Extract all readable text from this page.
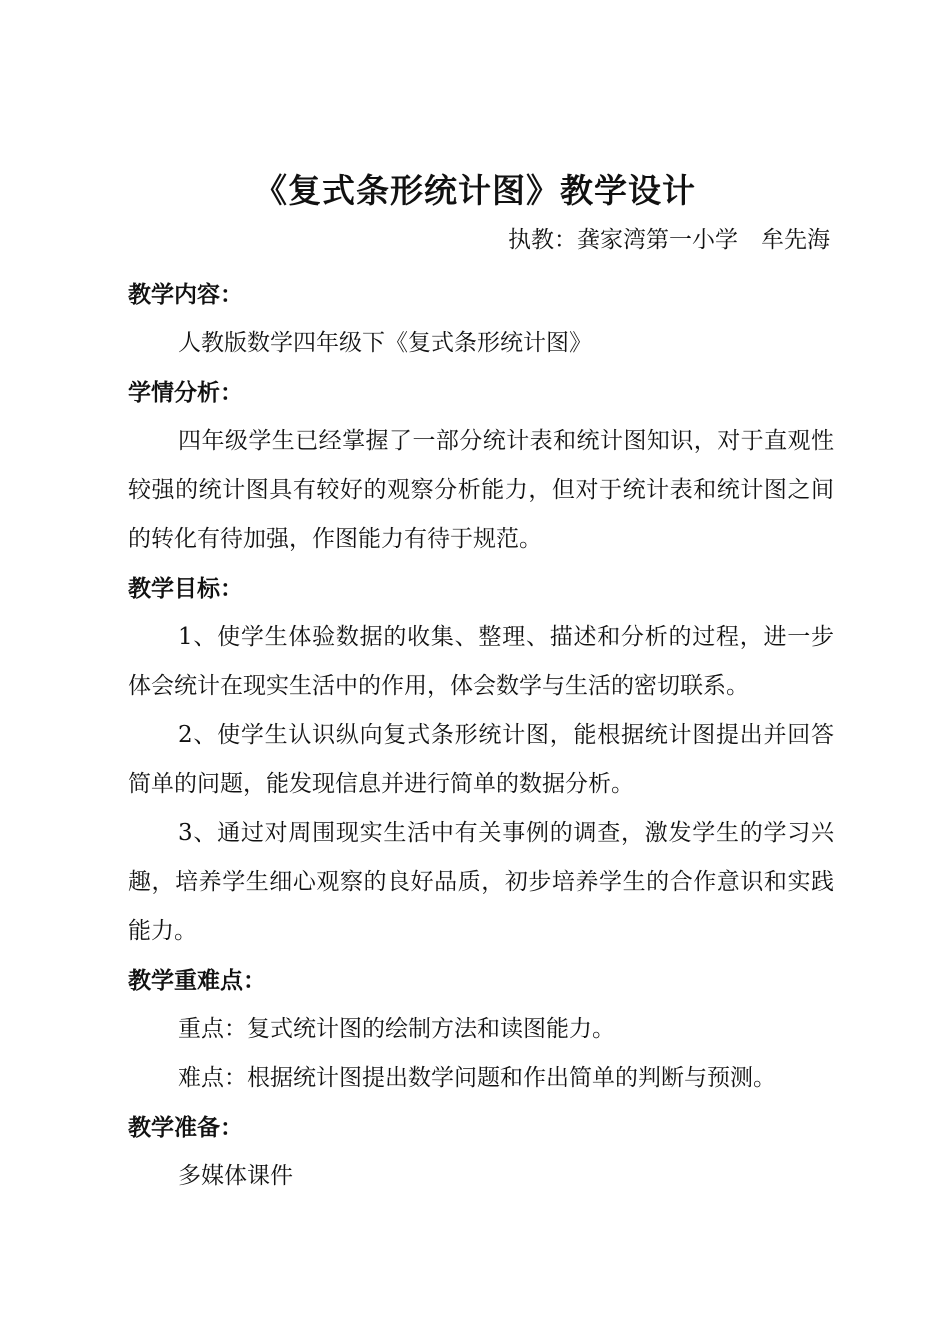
《复式条形统计图》教学设计
执教：龚家湾第一小学　牟先海

教学内容：

人教版数学四年级下《复式条形统计图》

学情分析：

四年级学生已经掌握了一部分统计表和统计图知识，对于直观性较强的统计图具有较好的观察分析能力，但对于统计表和统计图之间的转化有待加强，作图能力有待于规范。

教学目标：

1、使学生体验数据的收集、整理、描述和分析的过程，进一步体会统计在现实生活中的作用，体会数学与生活的密切联系。

2、使学生认识纵向复式条形统计图，能根据统计图提出并回答简单的问题，能发现信息并进行简单的数据分析。

3、通过对周围现实生活中有关事例的调查，激发学生的学习兴趣，培养学生细心观察的良好品质，初步培养学生的合作意识和实践能力。

教学重难点：

重点：复式统计图的绘制方法和读图能力。

难点：根据统计图提出数学问题和作出简单的判断与预测。

教学准备：

多媒体课件
